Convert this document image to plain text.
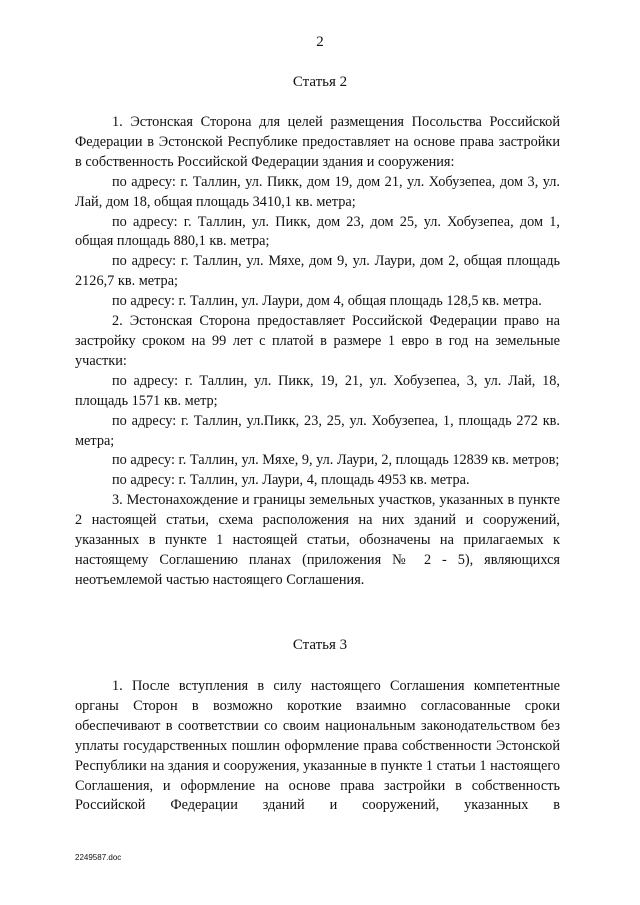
2
Статья 2

1. Эстонская Сторона для целей размещения Посольства Российской Федерации в Эстонской Республике предоставляет на основе права застройки в собственность Российской Федерации здания и сооружения:

по адресу: г. Таллин, ул. Пикк, дом 19, дом 21, ул. Хобузепеа, дом 3, ул. Лай, дом 18, общая площадь 3410,1 кв. метра;

по адресу: г. Таллин, ул. Пикк, дом 23, дом 25, ул. Хобузепеа, дом 1, общая площадь 880,1 кв. метра;

по адресу: г. Таллин, ул. Мяхе, дом 9, ул. Лаури, дом 2, общая площадь 2126,7 кв. метра;

по адресу: г. Таллин, ул. Лаури, дом 4, общая площадь 128,5 кв. метра.

2. Эстонская Сторона предоставляет Российской Федерации право на застройку сроком на 99 лет с платой в размере 1 евро в год на земельные участки:

по адресу: г. Таллин, ул. Пикк, 19, 21, ул. Хобузепеа, 3, ул. Лай, 18, площадь 1571 кв. метр;

по адресу: г. Таллин, ул.Пикк, 23, 25, ул. Хобузепеа, 1, площадь 272 кв. метра;

по адресу: г. Таллин, ул. Мяхе, 9, ул. Лаури, 2, площадь 12839 кв. метров;

по адресу: г. Таллин, ул. Лаури, 4, площадь 4953 кв. метра.

3. Местонахождение и границы земельных участков, указанных в пункте 2 настоящей статьи, схема расположения на них зданий и сооружений, указанных в пункте 1 настоящей статьи, обозначены на прилагаемых к настоящему Соглашению планах (приложения № 2 - 5), являющихся неотъемлемой частью настоящего Соглашения.

Статья 3

1. После вступления в силу настоящего Соглашения компетентные органы Сторон в возможно короткие взаимно согласованные сроки обеспечивают в соответствии со своим национальным законодательством без уплаты государственных пошлин оформление права собственности Эстонской Республики на здания и сооружения, указанные в пункте 1 статьи 1 настоящего Соглашения, и оформление на основе права застройки в собственность Российской Федерации зданий и сооружений, указанных в

2249587.doc
